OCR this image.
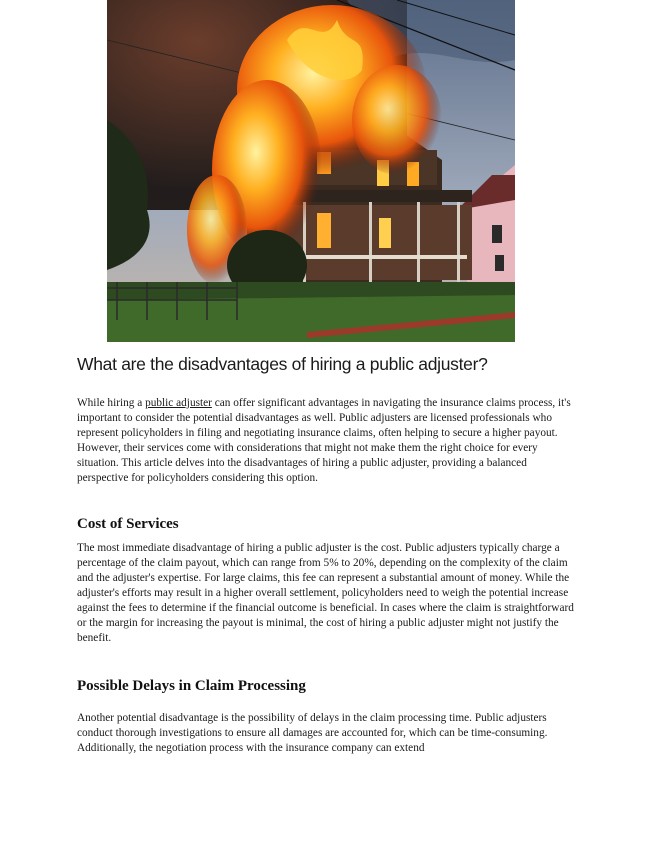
What are the disadvantages of hiring a public adjuster?

While hiring a public adjuster can offer significant advantages in navigating the insurance claims process, it's important to consider the potential disadvantages as well. Public adjusters are licensed professionals who represent policyholders in filing and negotiating insurance claims, often helping to secure a higher payout. However, their services come with considerations that might not make them the right choice for every situation. This article delves into the disadvantages of hiring a public adjuster, providing a balanced perspective for policyholders considering this option.

Cost of Services

The most immediate disadvantage of hiring a public adjuster is the cost. Public adjusters typically charge a percentage of the claim payout, which can range from 5% to 20%, depending on the complexity of the claim and the adjuster's expertise. For large claims, this fee can represent a substantial amount of money. While the adjuster's efforts may result in a higher overall settlement, policyholders need to weigh the potential increase against the fees to determine if the financial outcome is beneficial. In cases where the claim is straightforward or the margin for increasing the payout is minimal, the cost of hiring a public adjuster might not justify the benefit.

Possible Delays in Claim Processing

Another potential disadvantage is the possibility of delays in the claim processing time. Public adjusters conduct thorough investigations to ensure all damages are accounted for, which can be time-consuming. Additionally, the negotiation process with the insurance company can extend
